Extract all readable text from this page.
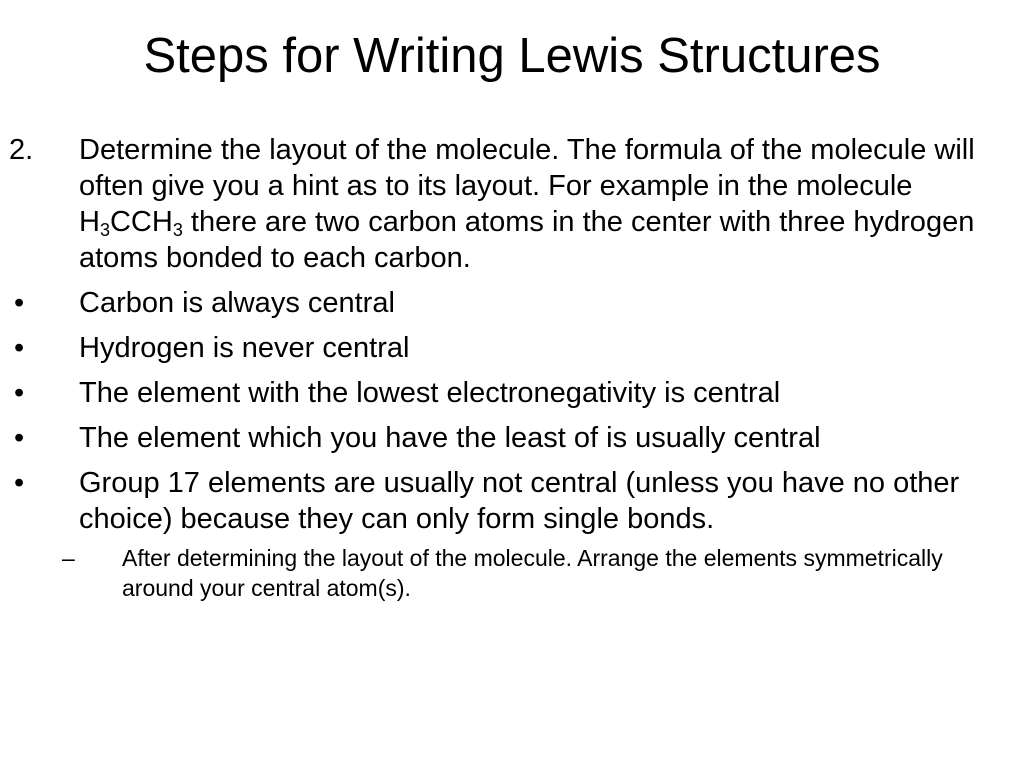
Steps for Writing Lewis Structures
2. Determine the layout of the molecule. The formula of the molecule will often give you a hint as to its layout. For example in the molecule $H_3CCH_3$ there are two carbon atoms in the center with three hydrogen atoms bonded to each carbon.
• Carbon is always central
• Hydrogen is never central
• The element with the lowest electronegativity is central
• The element which you have the least of is usually central
• Group 17 elements are usually not central (unless you have no other choice) because they can only form single bonds.
– After determining the layout of the molecule. Arrange the elements symmetrically around your central atom(s).
